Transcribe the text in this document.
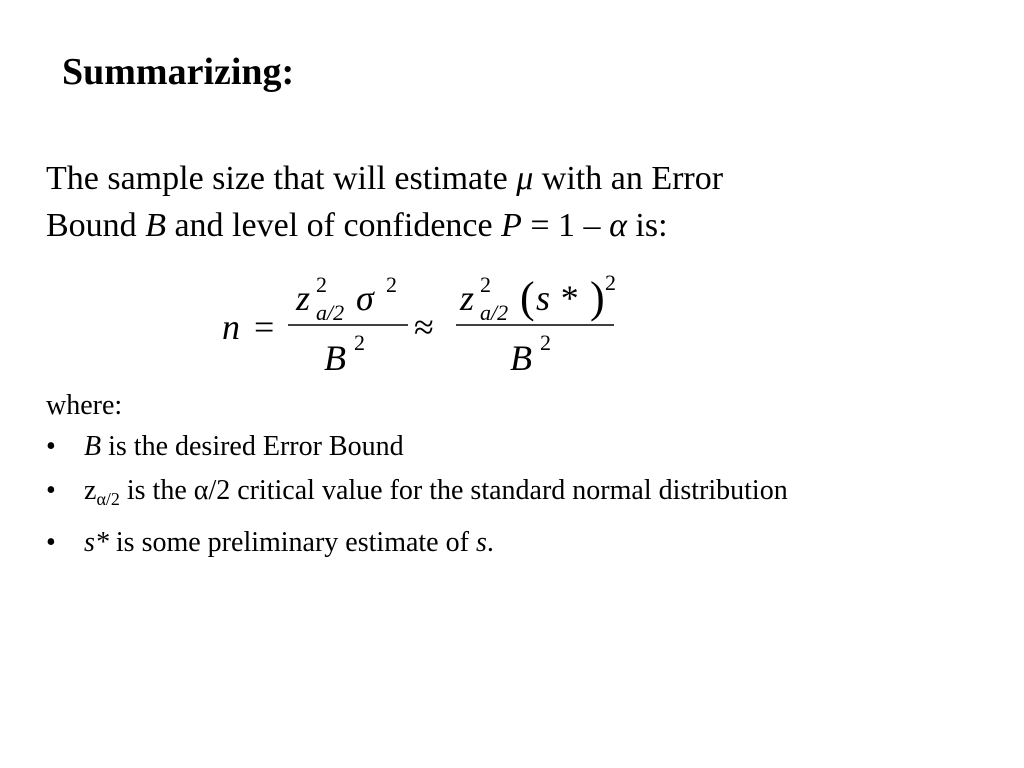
Summarizing:
The sample size that will estimate μ with an Error
Bound B and level of confidence P = 1 – α is:
n =
z 2
a/2 σ 2
B 2 ≈
z 2
a/2 ( s * ) 2
B 2
where:
• B is the desired Error Bound
• $z_{\alpha/2}$ is the α/2 critical value for the standard normal distribution
• s* is some preliminary estimate of s.
